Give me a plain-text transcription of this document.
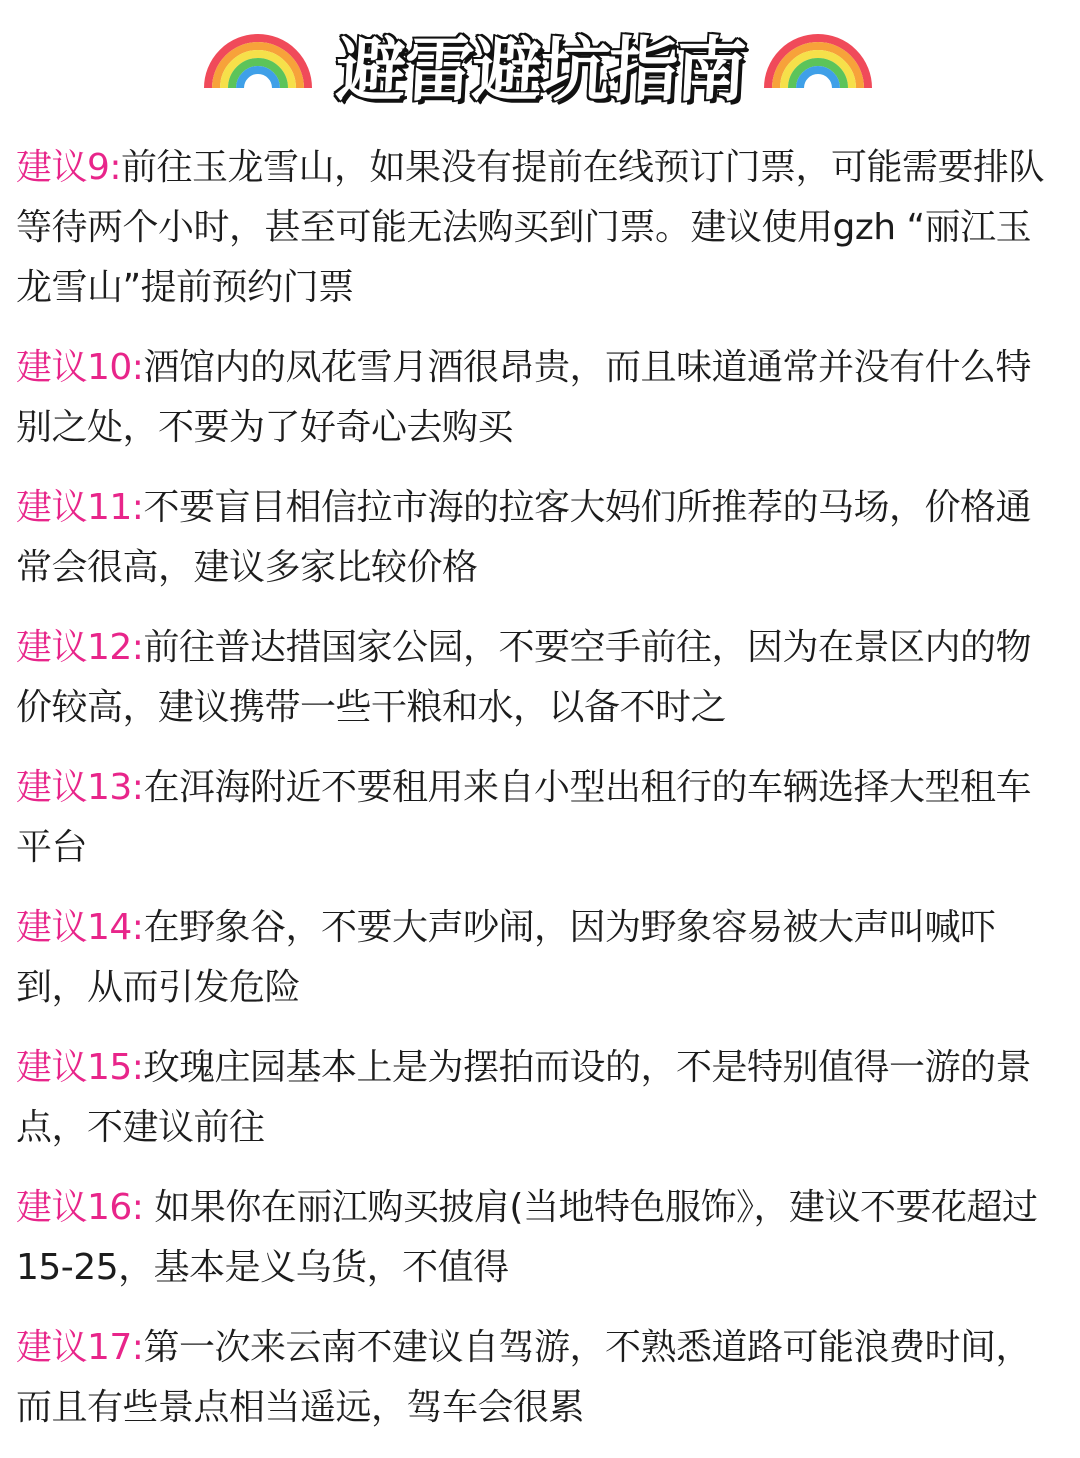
避雷避坑指南

建议9:前往玉龙雪山，如果没有提前在线预订门票，可能需要排队等待两个小时，甚至可能无法购买到门票。建议使用gzh “丽江玉龙雪山”提前预约门票

建议10:酒馆内的凤花雪月酒很昂贵，而且味道通常并没有什么特别之处，不要为了好奇心去购买

建议11:不要盲目相信拉市海的拉客大妈们所推荐的马场，价格通常会很高，建议多家比较价格

建议12:前往普达措国家公园，不要空手前往，因为在景区内的物价较高，建议携带一些干粮和水，以备不时之

建议13:在洱海附近不要租用来自小型出租行的车辆选择大型租车平台

建议14:在野象谷，不要大声吵闹，因为野象容易被大声叫喊吓到，从而引发危险

建议15:玫瑰庄园基本上是为摆拍而设的，不是特别值得一游的景点，不建议前往

建议16: 如果你在丽江购买披肩(当地特色服饰》，建议不要花超过15-25，基本是义乌货，不值得

建议17:第一次来云南不建议自驾游，不熟悉道路可能浪费时间，而且有些景点相当遥远，驾车会很累
